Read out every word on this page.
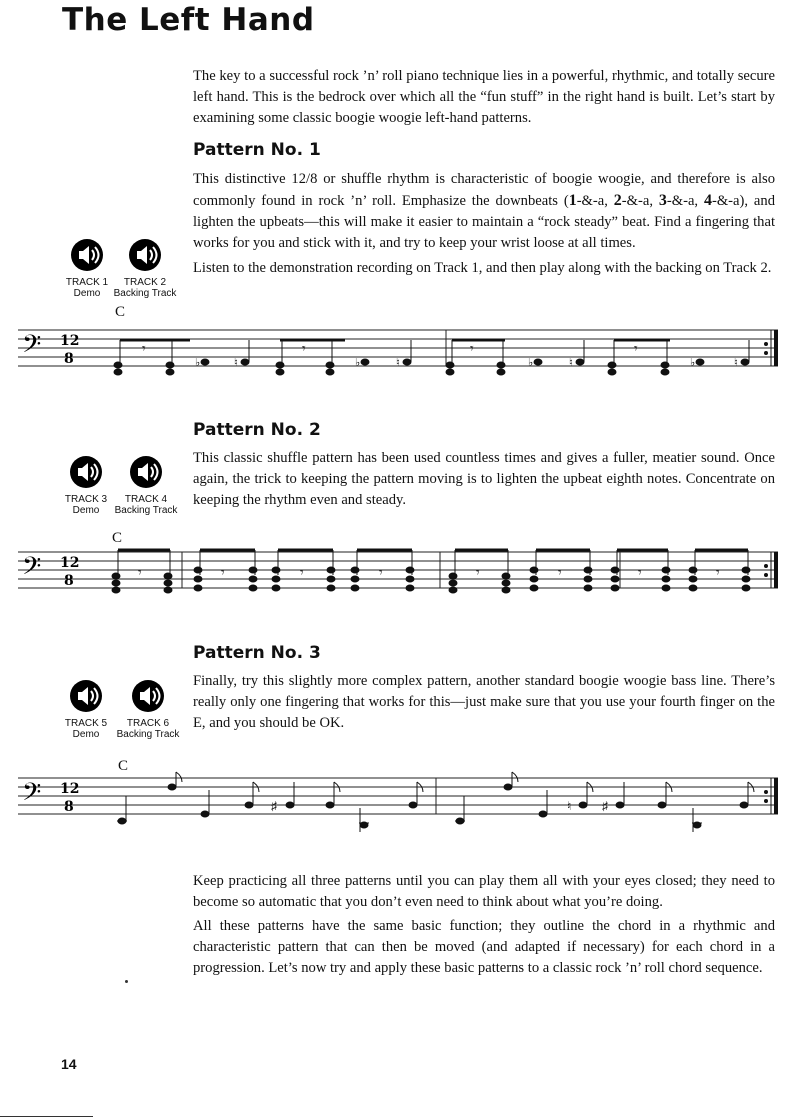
The Left Hand

The key to a successful rock ’n’ roll piano technique lies in a powerful, rhythmic, and totally secure left hand. This is the bedrock over which all the “fun stuff” in the right hand is built. Let’s start by examining some classic boogie woogie left-hand patterns.

Pattern No. 1

This distinctive 12/8 or shuffle rhythm is characteristic of boogie woogie, and therefore is also commonly found in rock ’n’ roll. Emphasize the downbeats (1-&-a, 2-&-a, 3-&-a, 4-&-a), and lighten the upbeats—this will make it easier to maintain a “rock steady” beat. Find a fingering that works for you and stick with it, and try to keep your wrist loose at all times.

Listen to the demonstration recording on Track 1, and then play along with the backing on Track 2.

TRACK 1
Demo
TRACK 2
Backing Track
C
𝄢 12
8
𝄾
♭	♮
𝄾
♭	♮
𝄾
♭	♮
𝄾
♭	♮
Pattern No. 2

This classic shuffle pattern has been used countless times and gives a fuller, meatier sound. Once again, the trick to keeping the pattern moving is to lighten the upbeat eighth notes. Concentrate on keeping the rhythm even and steady.

TRACK 3
Demo
TRACK 4
Backing Track
C
𝄢 12
8	𝄾	𝄾	𝄾	𝄾	𝄾	𝄾	𝄾	𝄾
Pattern No. 3

Finally, try this slightly more complex pattern, another standard boogie woogie bass line. There’s really only one fingering that works for this—just make sure that you use your fourth finger on the E, and you should be OK.

TRACK 5
Demo
TRACK 6
Backing Track
C
𝄢 12
8	♯	♮	♯

Keep practicing all three patterns until you can play them all with your eyes closed; they need to become so automatic that you don’t even need to think about what you’re doing.

All these patterns have the same basic function; they outline the chord in a rhythmic and characteristic pattern that can then be moved (and adapted if necessary) for each chord in a progression. Let’s now try and apply these basic patterns to a classic rock ’n’ roll chord sequence.

14
